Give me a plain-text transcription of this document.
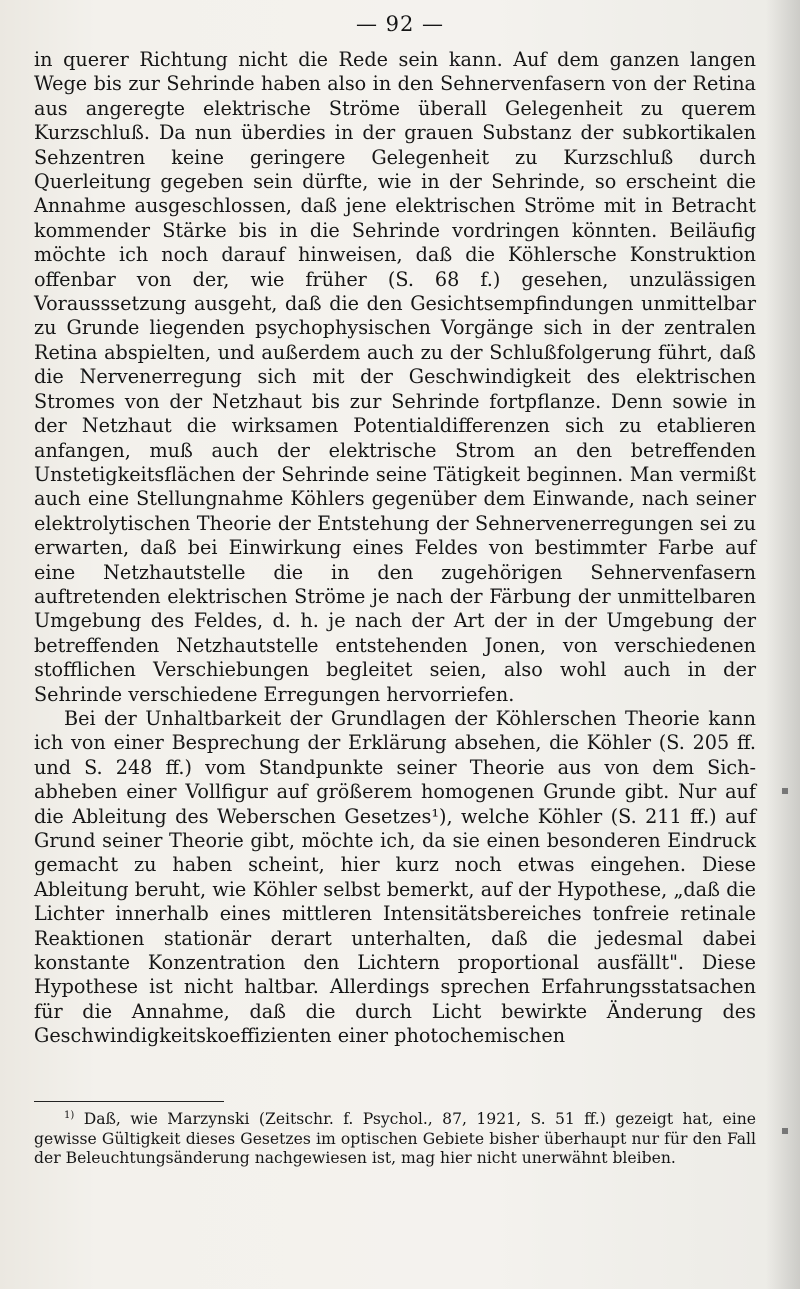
— 92 —

in querer Richtung nicht die Rede sein kann. Auf dem ganzen langen Wege bis zur Sehrinde haben also in den Sehnervenfasern von der Retina aus angeregte elektrische Ströme überall Gelegenheit zu querem Kurzschluß. Da nun überdies in der grauen Substanz der subkortikalen Sehzentren keine geringere Gelegenheit zu Kurzschluß durch Querleitung gegeben sein dürfte, wie in der Sehrinde, so erscheint die Annahme ausgeschlossen, daß jene elektrischen Ströme mit in Betracht kommender Stärke bis in die Sehrinde vordringen könnten. Beiläufig möchte ich noch darauf hinweisen, daß die Köhlersche Konstruktion offenbar von der, wie früher (S. 68 f.) gesehen, unzulässigen Vorausssetzung ausgeht, daß die den Gesichtsempfindungen unmittelbar zu Grunde liegenden psychophysischen Vorgänge sich in der zentralen Retina abspielten, und außerdem auch zu der Schlußfolgerung führt, daß die Nervenerregung sich mit der Geschwindigkeit des elektrischen Stromes von der Netzhaut bis zur Sehrinde fortpflanze. Denn sowie in der Netzhaut die wirksamen Potentialdifferenzen sich zu etablieren anfangen, muß auch der elektrische Strom an den betreffenden Unstetigkeitsflächen der Sehrinde seine Tätigkeit beginnen. Man vermißt auch eine Stellungnahme Köhlers gegenüber dem Einwande, nach seiner elektrolytischen Theorie der Entstehung der Sehnervenerregungen sei zu erwarten, daß bei Einwirkung eines Feldes von bestimmter Farbe auf eine Netzhautstelle die in den zugehörigen Sehnervenfasern auftretenden elektrischen Ströme je nach der Färbung der unmittelbaren Umgebung des Feldes, d. h. je nach der Art der in der Umgebung der betreffenden Netzhautstelle entstehenden Jonen, von verschiedenen stofflichen Verschiebungen begleitet seien, also wohl auch in der Sehrinde verschiedene Erregungen hervorriefen.

Bei der Unhaltbarkeit der Grundlagen der Köhlerschen Theorie kann ich von einer Besprechung der Erklärung absehen, die Köhler (S. 205 ff. und S. 248 ff.) vom Standpunkte seiner Theorie aus von dem Sich-abheben einer Vollfigur auf größerem homogenen Grunde gibt. Nur auf die Ableitung des Weberschen Gesetzes¹), welche Köhler (S. 211 ff.) auf Grund seiner Theorie gibt, möchte ich, da sie einen besonderen Eindruck gemacht zu haben scheint, hier kurz noch etwas eingehen. Diese Ableitung beruht, wie Köhler selbst bemerkt, auf der Hypothese, „daß die Lichter innerhalb eines mittleren Intensitätsbereiches tonfreie retinale Reaktionen stationär derart unterhalten, daß die jedesmal dabei konstante Konzentration den Lichtern proportional ausfällt". Diese Hypothese ist nicht haltbar. Allerdings sprechen Erfahrungsstatsachen für die Annahme, daß die durch Licht bewirkte Änderung des Geschwindigkeitskoeffizienten einer photochemischen

$^{1)}$ Daß, wie Marzynski (Zeitschr. f. Psychol., 87, 1921, S. 51 ff.) gezeigt hat, eine gewisse Gültigkeit dieses Gesetzes im optischen Gebiete bisher überhaupt nur für den Fall der Beleuchtungsänderung nachgewiesen ist, mag hier nicht unerwähnt bleiben.
